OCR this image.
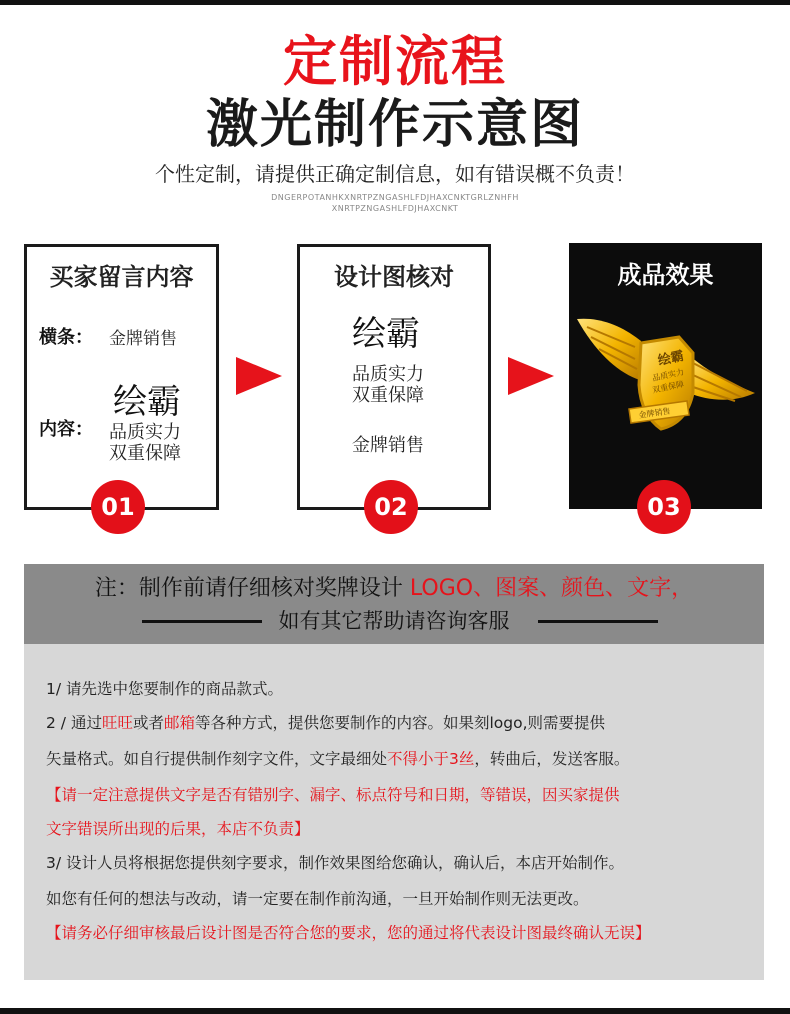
定制流程
激光制作示意图
个性定制，请提供正确定制信息，如有错误概不负责！
DNGERPOTANHKXNRTPZNGASHLFDJHAXCNKTGRLZNHFH
XNRTPZNGASHLFDJHAXCNKT
买家留言内容
横条： 金牌销售
内容：
绘霸
品质实力
双重保障
01
设计图核对
绘霸
品质实力
双重保障
金牌销售
02
成品效果
绘霸
品质实力
双重保障
金牌销售
03
注：制作前请仔细核对奖牌设计 LOGO、图案、颜色、文字，
如有其它帮助请咨询客服
1/ 请先选中您要制作的商品款式。
2 / 通过旺旺或者邮箱等各种方式，提供您要制作的内容。如果刻logo,则需要提供
矢量格式。如自行提供制作刻字文件，文字最细处不得小于3丝，转曲后，发送客服。
【请一定注意提供文字是否有错别字、漏字、标点符号和日期，等错误，因买家提供
文字错误所出现的后果，本店不负责】
3/ 设计人员将根据您提供刻字要求，制作效果图给您确认，确认后，本店开始制作。
如您有任何的想法与改动，请一定要在制作前沟通，一旦开始制作则无法更改。
【请务必仔细审核最后设计图是否符合您的要求，您的通过将代表设计图最终确认无误】
